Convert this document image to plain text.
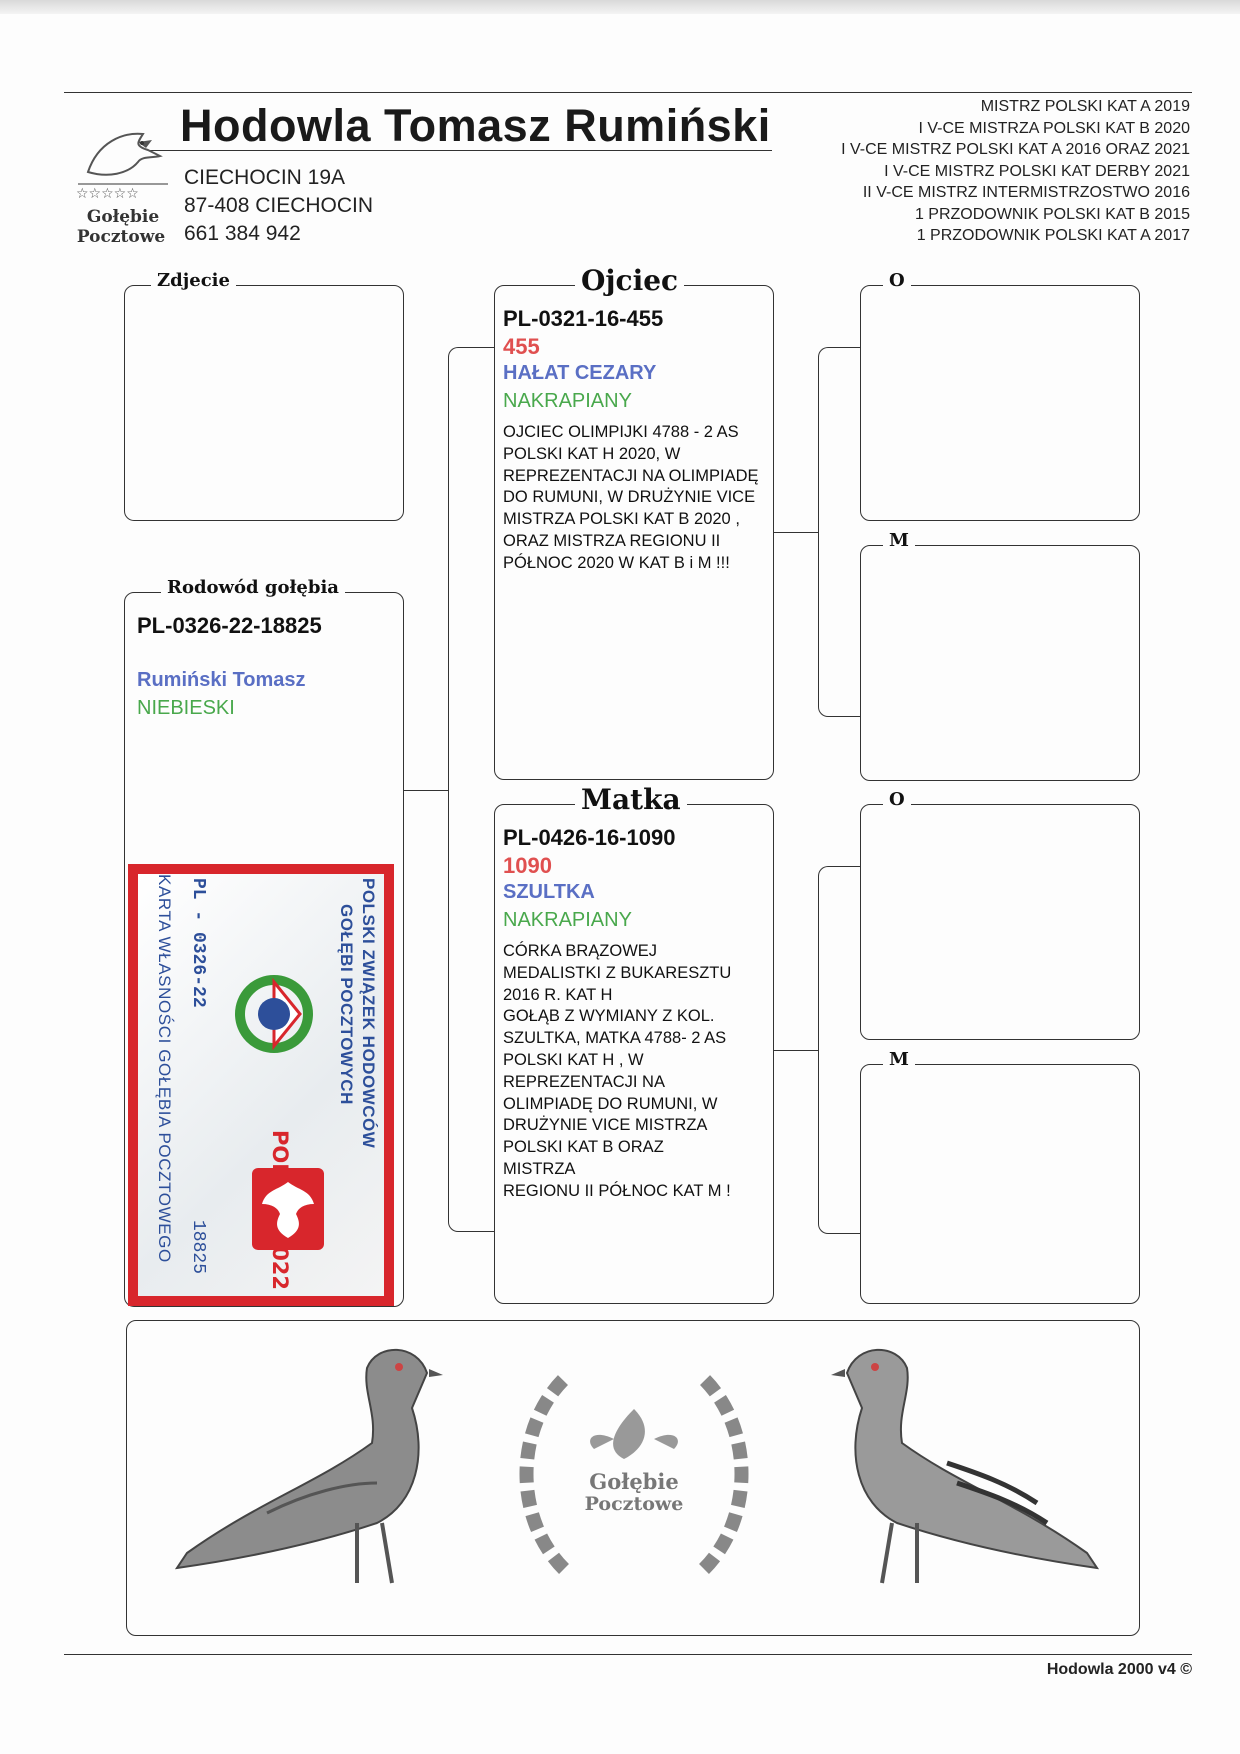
☆☆☆☆☆
Gołębie
Pocztowe
Hodowla Tomasz Rumiński
CIECHOCIN 19A
87-408 CIECHOCIN
661 384 942
MISTRZ POLSKI KAT A 2019
I V-CE MISTRZA POLSKI KAT B 2020
I V-CE MISTRZ POLSKI KAT A 2016 ORAZ 2021
I V-CE MISTRZ POLSKI KAT DERBY 2021
II V-CE MISTRZ INTERMISTRZOSTWO 2016
1 PRZODOWNIK POLSKI KAT B 2015
1 PRZODOWNIK POLSKI KAT A 2017
Zdjecie
Rodowód gołębia
PL-0326-22-18825
Rumiński Tomasz
NIEBIESKI
POLSKI ZWIĄZEK HODOWCÓW
GOŁĘBI POCZTOWYCH
PL - 0326-22
18825
KARTA WŁASNOŚCI GOŁĘBIA POCZTOWEGO
Ojciec
PL-0321-16-455
455
HAŁAT CEZARY
NAKRAPIANY
OJCIEC OLIMPIJKI 4788 - 2 AS POLSKI KAT H 2020, W REPREZENTACJI NA OLIMPIADĘ DO RUMUNI, W DRUŻYNIE VICE MISTRZA POLSKI KAT B 2020 , ORAZ MISTRZA REGIONU II PÓŁNOC 2020 W KAT B i M !!!
Matka
PL-0426-16-1090
1090
SZULTKA
NAKRAPIANY
CÓRKA BRĄZOWEJ
MEDALISTKI Z BUKARESZTU
2016 R. KAT H
GOŁĄB Z WYMIANY Z KOL.
SZULTKA, MATKA 4788- 2 AS
POLSKI KAT H , W
REPREZENTACJI NA
OLIMPIADĘ DO RUMUNI, W
DRUŻYNIE VICE MISTRZA
POLSKI KAT B ORAZ
MISTRZA
REGIONU II PÓŁNOC KAT M !
O
M
O
M
Gołębie
Pocztowe
Hodowla 2000 v4 ©
